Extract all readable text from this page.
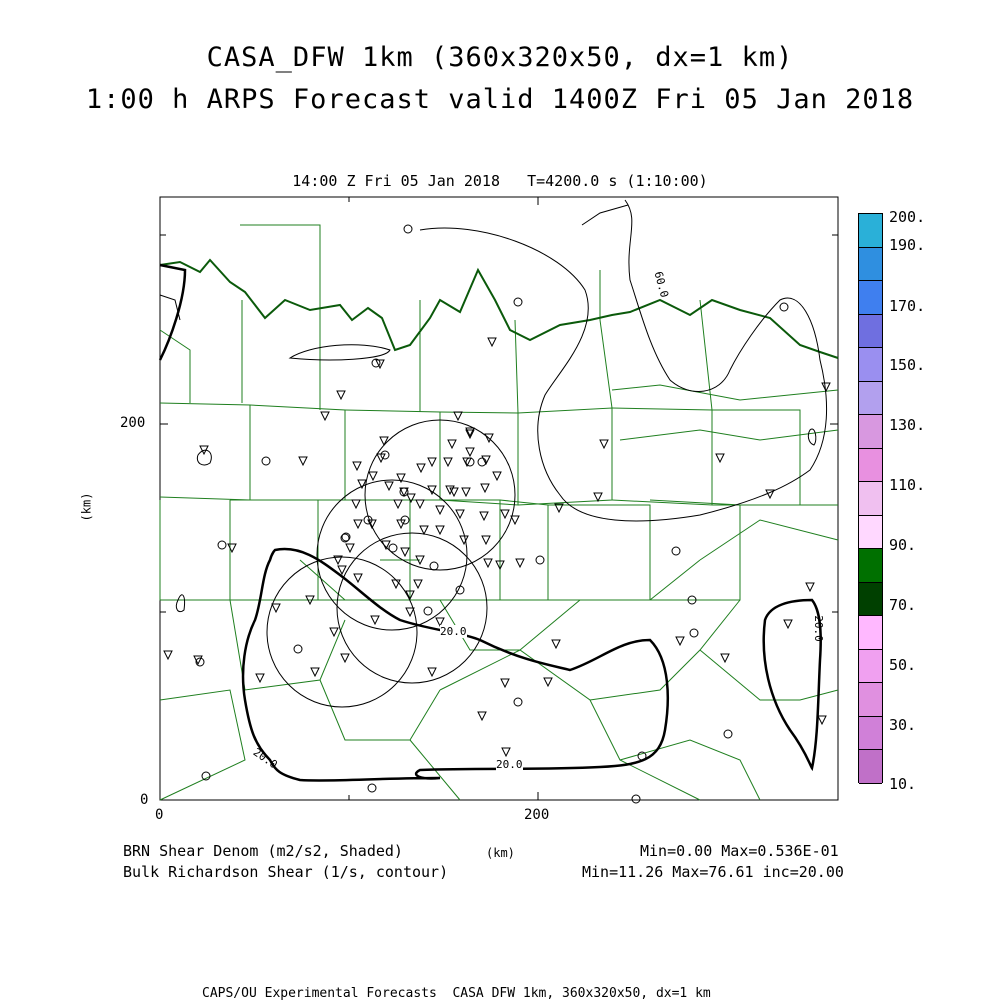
CASA_DFW 1km (360x320x50, dx=1 km)
1:00 h ARPS Forecast valid 1400Z Fri 05 Jan 2018
14:00 Z Fri 05 Jan 2018   T=4200.0 s (1:10:00)
60.0
20.0
20.0
20.0
20.0
200
0
0	200
(km)
200.
190.
170.
150.
130.
110.
90.
70.
50.
30.
10.
BRN Shear Denom (m2/s2, Shaded)
Bulk Richardson Shear (1/s, contour)
(km)	Min=0.00 Max=0.536E-01
Min=11.26 Max=76.61 inc=20.00
CAPS/OU Experimental Forecasts  CASA DFW 1km, 360x320x50, dx=1 km
